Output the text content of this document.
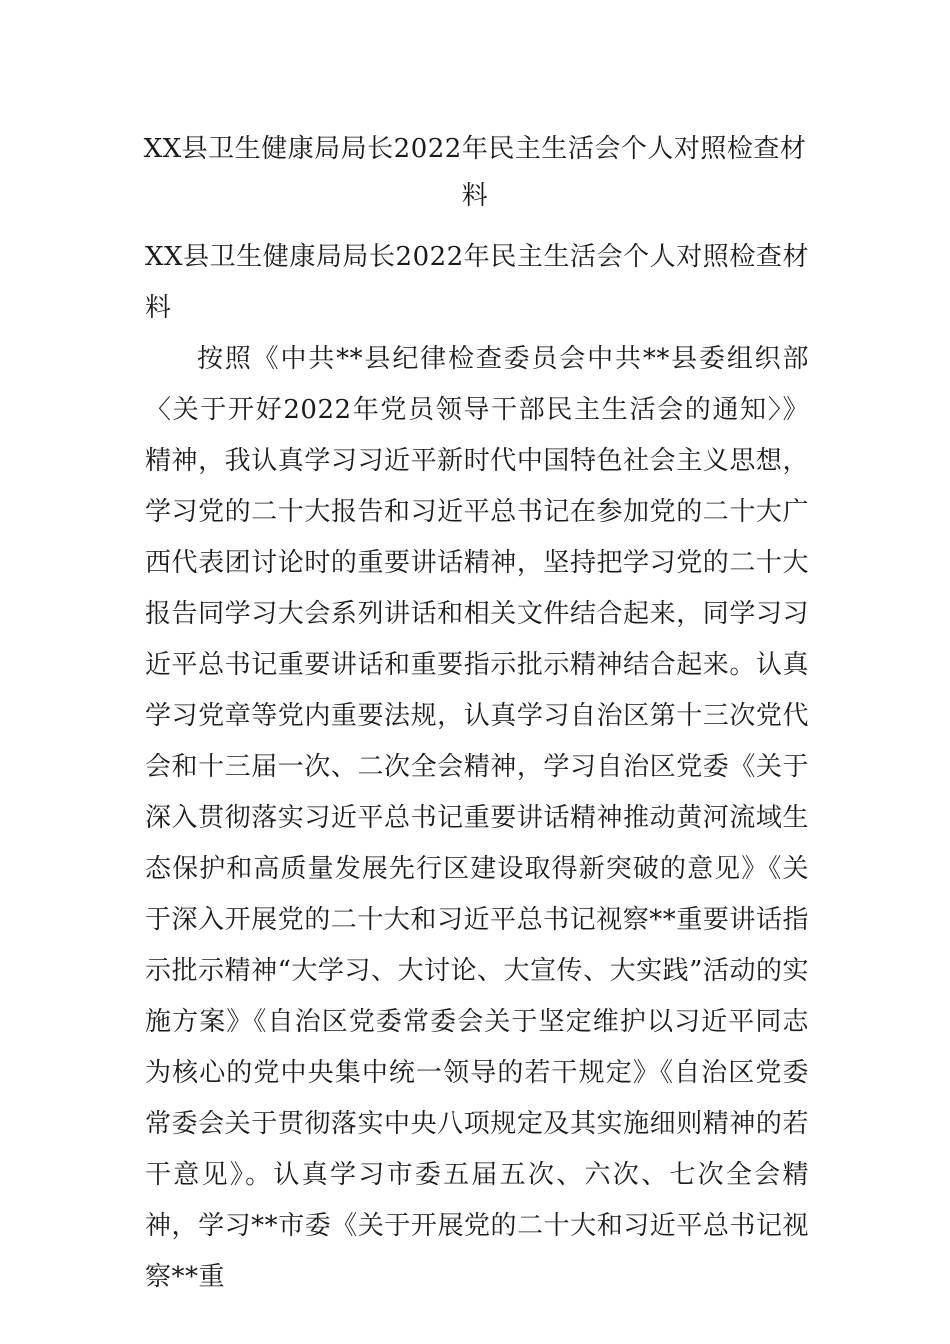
XX县卫生健康局局长2022年民主生活会个人对照检查材料

XX县卫生健康局局长2022年民主生活会个人对照检查材料

按照《中共**县纪律检查委员会中共**县委组织部〈关于开好2022年党员领导干部民主生活会的通知〉》精神，我认真学习习近平新时代中国特色社会主义思想，学习党的二十大报告和习近平总书记在参加党的二十大广西代表团讨论时的重要讲话精神，坚持把学习党的二十大报告同学习大会系列讲话和相关文件结合起来，同学习习近平总书记重要讲话和重要指示批示精神结合起来。认真学习党章等党内重要法规，认真学习自治区第十三次党代会和十三届一次、二次全会精神，学习自治区党委《关于深入贯彻落实习近平总书记重要讲话精神推动黄河流域生态保护和高质量发展先行区建设取得新突破的意见》《关于深入开展党的二十大和习近平总书记视察**重要讲话指示批示精神“大学习、大讨论、大宣传、大实践”活动的实施方案》《自治区党委常委会关于坚定维护以习近平同志为核心的党中央集中统一领导的若干规定》《自治区党委常委会关于贯彻落实中央八项规定及其实施细则精神的若干意见》。认真学习市委五届五次、六次、七次全会精神，学习**市委《关于开展党的二十大和习近平总书记视察**重
